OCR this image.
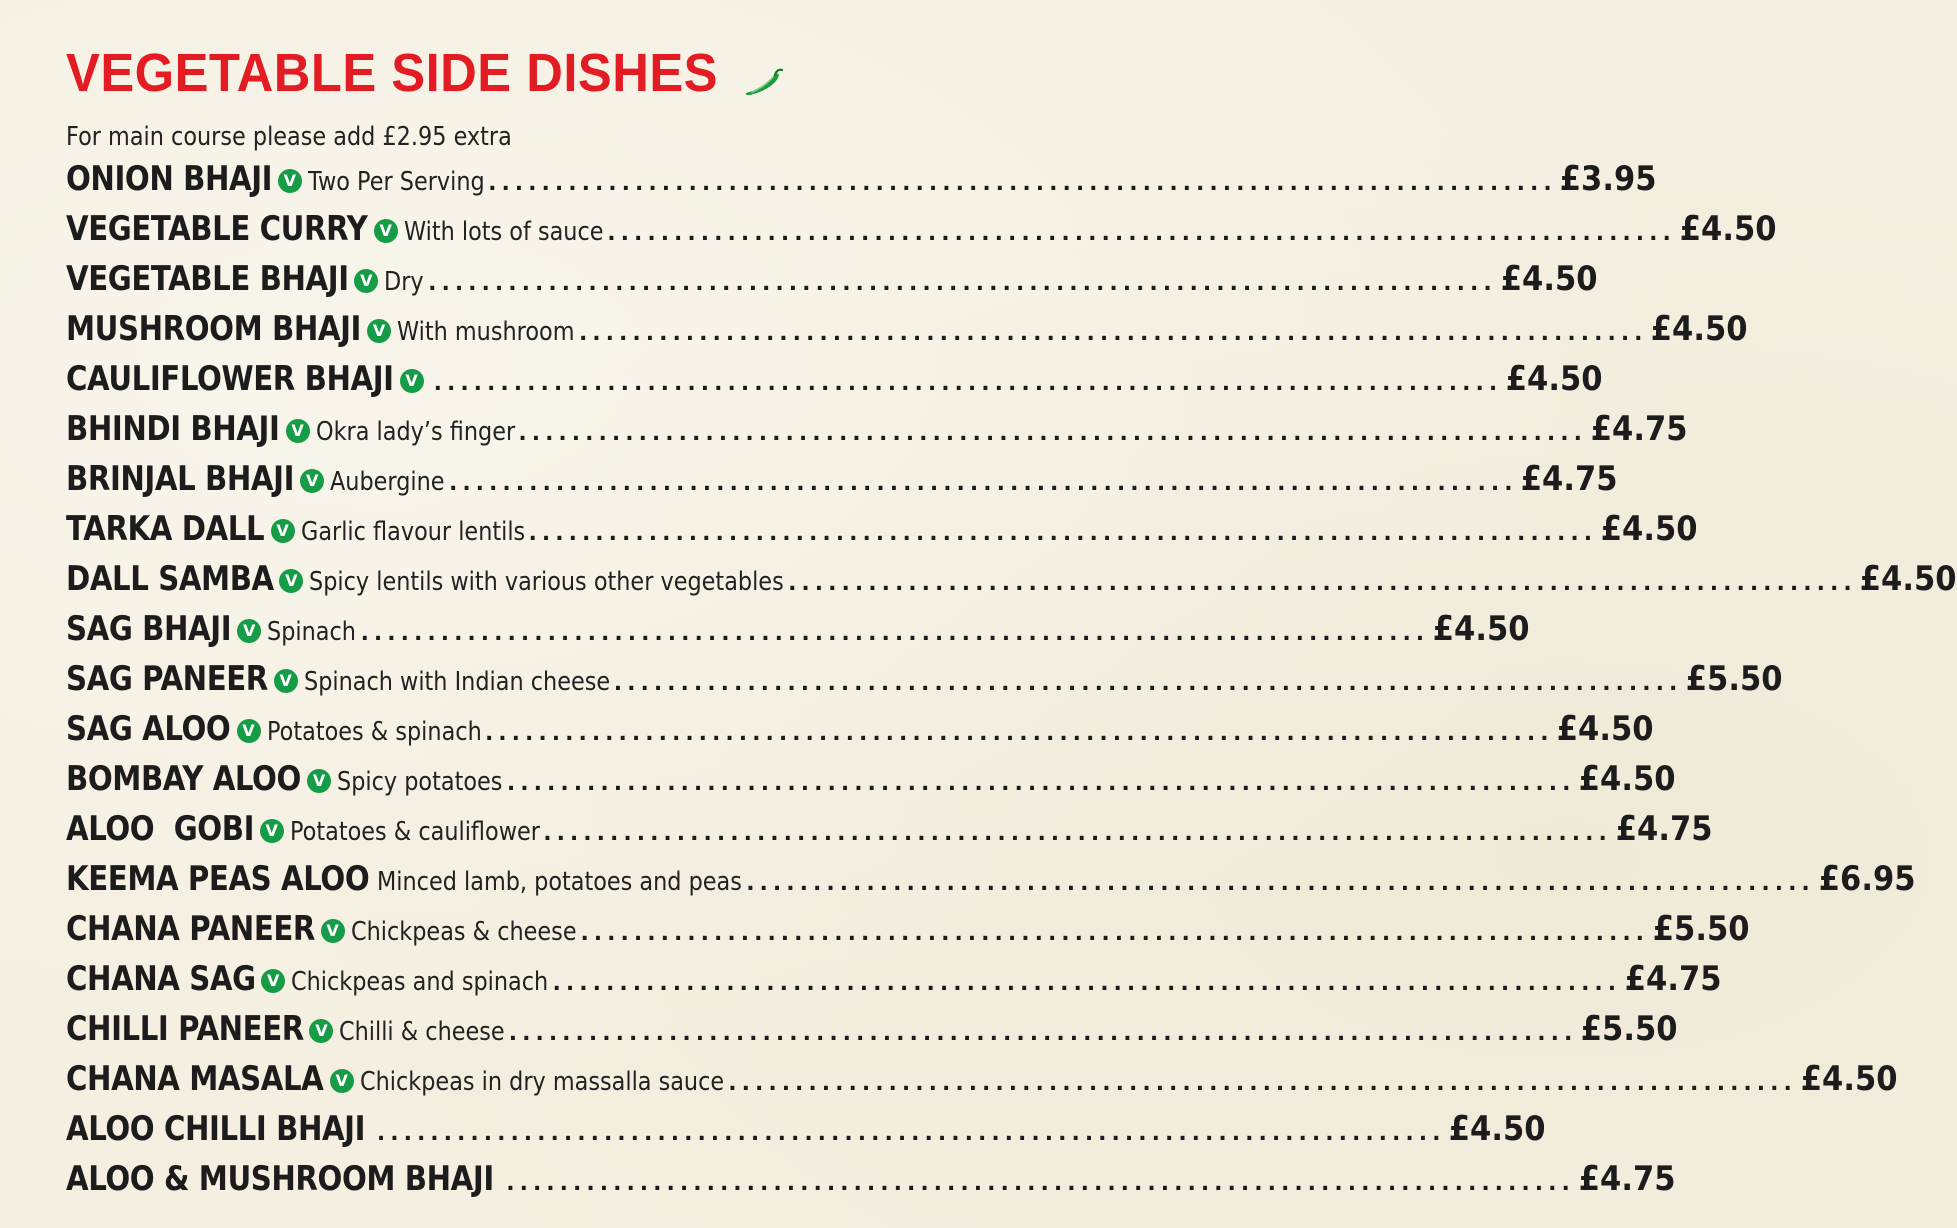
VEGETABLE SIDE DISHES
For main course please add £2.95 extra
ONION BHAJI V Two Per Serving ................................................................................ £3.95
VEGETABLE CURRY V With lots of sauce ................................................................................ £4.50
VEGETABLE BHAJI V Dry ................................................................................ £4.50
MUSHROOM BHAJI V With mushroom ................................................................................ £4.50
CAULIFLOWER BHAJI V ................................................................................ £4.50
BHINDI BHAJI V Okra lady’s finger ................................................................................ £4.75
BRINJAL BHAJI V Aubergine ................................................................................ £4.75
TARKA DALL V Garlic flavour lentils ................................................................................ £4.50
DALL SAMBA V Spicy lentils with various other vegetables ................................................................................ £4.50
SAG BHAJI V Spinach ................................................................................ £4.50
SAG PANEER V Spinach with Indian cheese ................................................................................ £5.50
SAG ALOO V Potatoes & spinach ................................................................................ £4.50
BOMBAY ALOO V Spicy potatoes ................................................................................ £4.50
ALOO  GOBI V Potatoes & cauliflower ................................................................................ £4.75
KEEMA PEAS ALOO Minced lamb, potatoes and peas ................................................................................ £6.95
CHANA PANEER V Chickpeas & cheese ................................................................................ £5.50
CHANA SAG V Chickpeas and spinach ................................................................................ £4.75
CHILLI PANEER V Chilli & cheese ................................................................................ £5.50
CHANA MASALA V Chickpeas in dry massalla sauce ................................................................................ £4.50
ALOO CHILLI BHAJI ................................................................................ £4.50
ALOO & MUSHROOM BHAJI ................................................................................ £4.75
